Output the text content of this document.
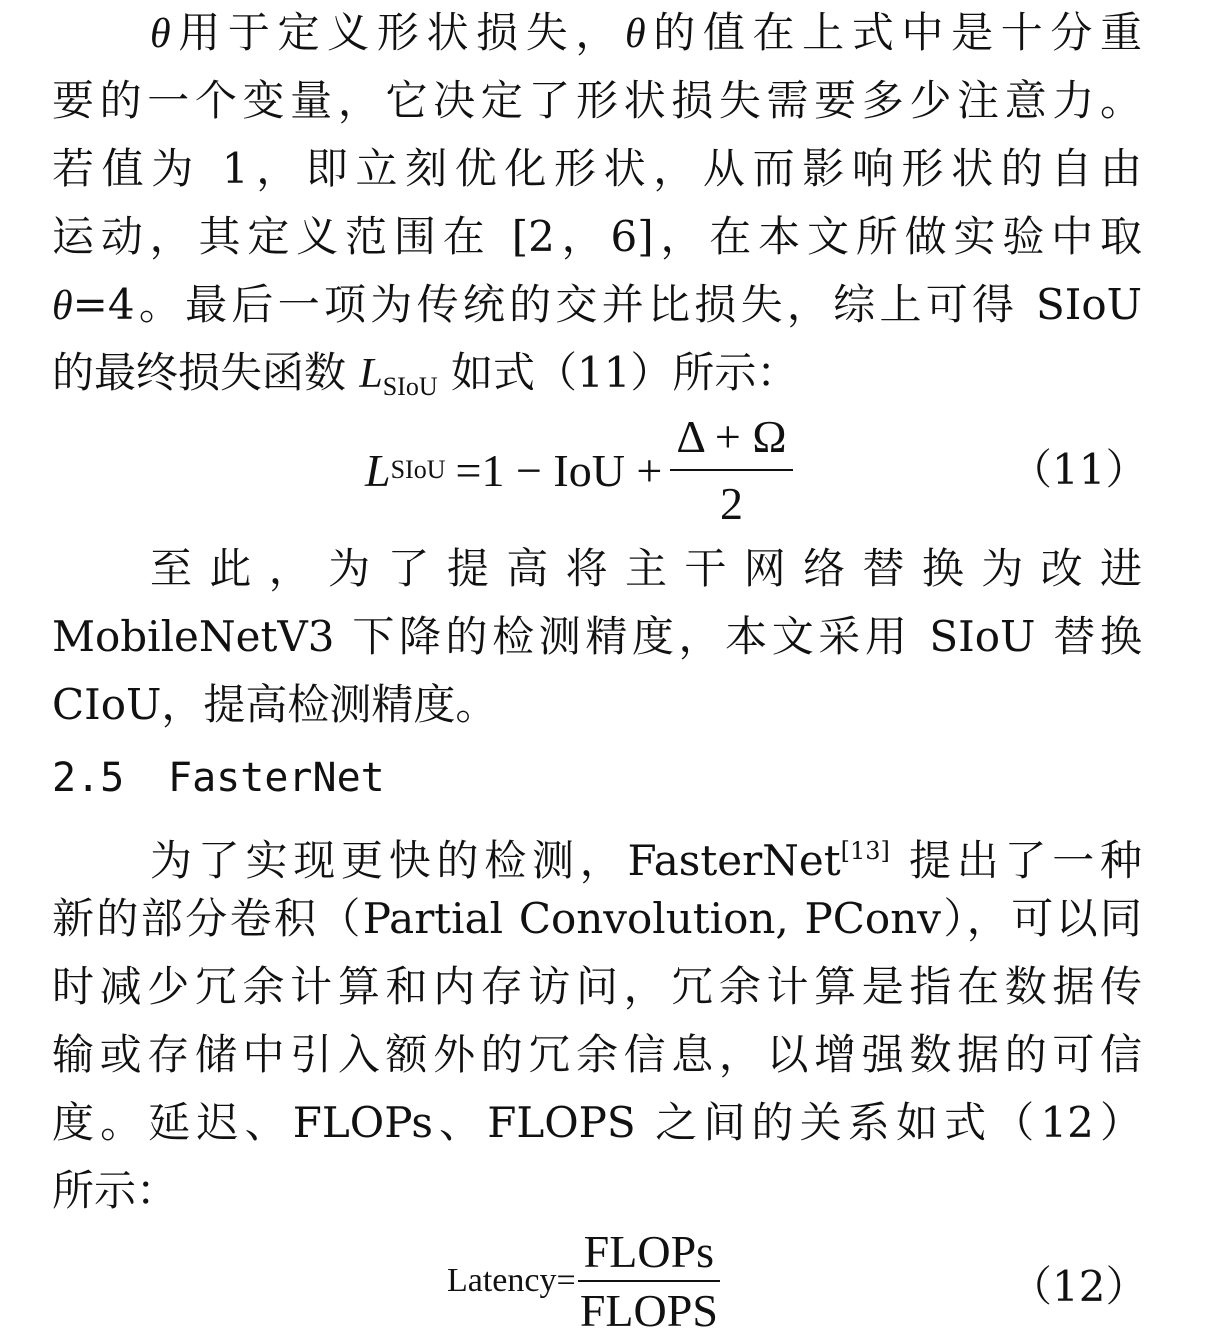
θ用于定义形状损失，θ的值在上式中是十分重
要的一个变量，它决定了形状损失需要多少注意力。
若值为 1，即立刻优化形状，从而影响形状的自由
运动，其定义范围在 [2，6]，在本文所做实验中取
θ=4。最后一项为传统的交并比损失，综上可得 SIoU
的最终损失函数 $L_{SIoU}$ 如式（11）所示：
L SIoU =1 − IoU + $\frac{\Delta + \Omega}{2}$	（11）
至此，为了提高将主干网络替换为改进
MobileNetV3 下降的检测精度，本文采用 SIoU 替换
CIoU，提高检测精度。
2.5 FasterNet
为了实现更快的检测，FasterNet[13] 提出了一种
新的部分卷积（Partial Convolution, PConv），可以同
时减少冗余计算和内存访问，冗余计算是指在数据传
输或存储中引入额外的冗余信息，以增强数据的可信
度。延迟、FLOPs、FLOPS 之间的关系如式（12）
所示：
Latency= $\frac{\text{FLOPs}}{\text{FLOPS}}$	（12）
